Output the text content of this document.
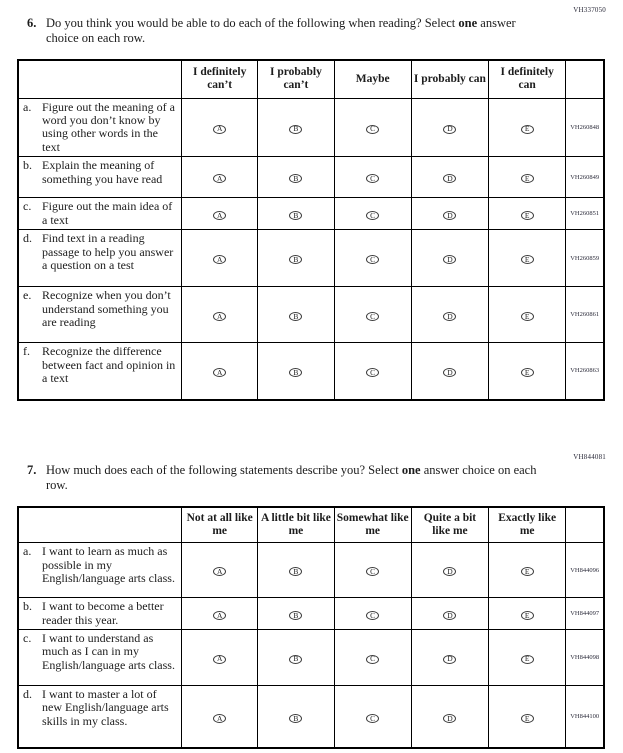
VH337050
6. Do you think you would be able to do each of the following when reading? Select one answer choice on each row.
	I definitely can’t	I probably can’t	Maybe	I probably can	I definitely can	

a. Figure out the meaning of a word you don’t know by using other words in the text	A	B	C	D	E	VH260848

b. Explain the meaning of something you have read	A	B	C	D	E	VH260849

c. Figure out the main idea of a text	A	B	C	D	E	VH260851

d. Find text in a reading passage to help you answer a question on a test	A	B	C	D	E	VH260859

e. Recognize when you don’t understand something you are reading	A	B	C	D	E	VH260861

f. Recognize the difference between fact and opinion in a text	A	B	C	D	E	VH260863
VH844081
7. How much does each of the following statements describe you? Select one answer choice on each row.
	Not at all like me	A little bit like me	Somewhat like me	Quite a bit like me	Exactly like me	

a. I want to learn as much as possible in my English/language arts class.	A	B	C	D	E	VH844096

b. I want to become a better reader this year.	A	B	C	D	E	VH844097

c. I want to understand as much as I can in my English/language arts class.	A	B	C	D	E	VH844098

d. I want to master a lot of new English/language arts skills in my class.	A	B	C	D	E	VH844100
